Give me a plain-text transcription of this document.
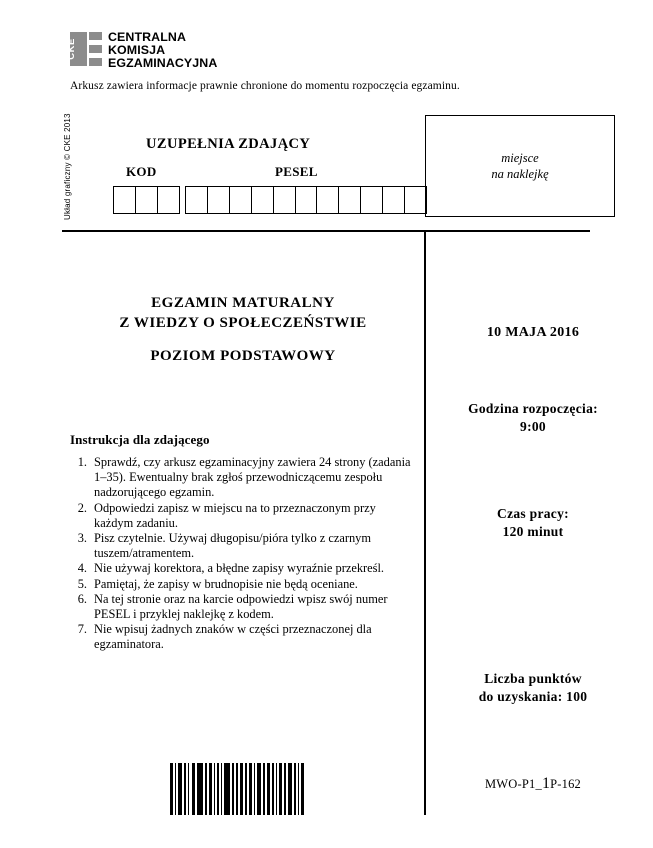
CKE
CENTRALNA
KOMISJA
EGZAMINACYJNA
Arkusz zawiera informacje prawnie chronione do momentu rozpoczęcia egzaminu.
Układ graficzny © CKE 2013	UZUPEŁNIA ZDAJĄCY
KOD	PESEL
miejsce
na naklejkę
EGZAMIN MATURALNY
Z WIEDZY O SPOŁECZEŃSTWIE
POZIOM PODSTAWOWY
Instrukcja dla zdającego
1. Sprawdź, czy arkusz egzaminacyjny zawiera 24 strony (zadania 1–35). Ewentualny brak zgłoś przewodniczącemu zespołu nadzorującego egzamin.
2. Odpowiedzi zapisz w miejscu na to przeznaczonym przy każdym zadaniu.
3. Pisz czytelnie. Używaj długopisu/pióra tylko z czarnym tuszem/atramentem.
4. Nie używaj korektora, a błędne zapisy wyraźnie przekreśl.
5. Pamiętaj, że zapisy w brudnopisie nie będą oceniane.
6. Na tej stronie oraz na karcie odpowiedzi wpisz swój numer PESEL i przyklej naklejkę z kodem.
7. Nie wpisuj żadnych znaków w części przeznaczonej dla egzaminatora.
10 MAJA 2016
Godzina rozpoczęcia:
9:00
Czas pracy:
120 minut
Liczba punktów
do uzyskania: 100
MWO-P1_1P-162
